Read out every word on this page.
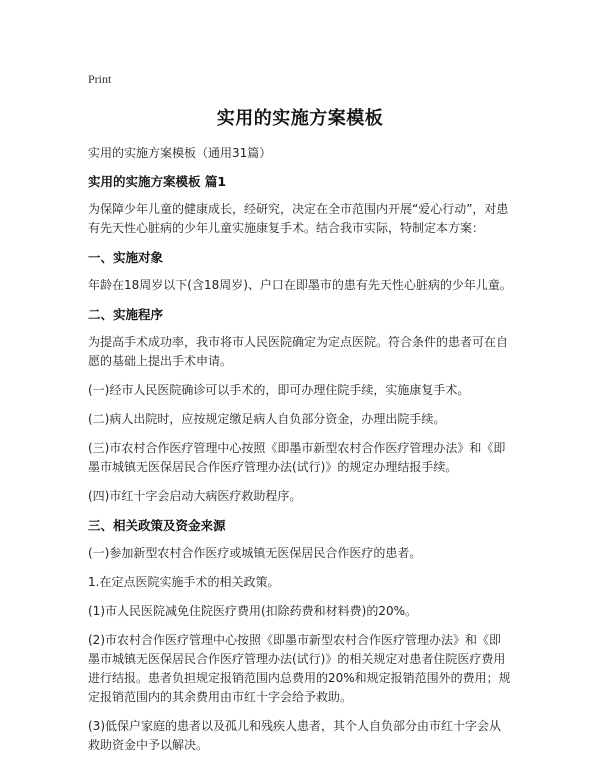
Print
实用的实施方案模板
实用的实施方案模板（通用31篇）
实用的实施方案模板 篇1
为保障少年儿童的健康成长，经研究，决定在全市范围内开展“爱心行动”，对患有先天性心脏病的少年儿童实施康复手术。结合我市实际，特制定本方案：
一、实施对象
年龄在18周岁以下(含18周岁)、户口在即墨市的患有先天性心脏病的少年儿童。
二、实施程序
为提高手术成功率，我市将市人民医院确定为定点医院。符合条件的患者可在自愿的基础上提出手术申请。
(一)经市人民医院确诊可以手术的，即可办理住院手续，实施康复手术。
(二)病人出院时，应按规定缴足病人自负部分资金，办理出院手续。
(三)市农村合作医疗管理中心按照《即墨市新型农村合作医疗管理办法》和《即墨市城镇无医保居民合作医疗管理办法(试行)》的规定办理结报手续。
(四)市红十字会启动大病医疗救助程序。
三、相关政策及资金来源
(一)参加新型农村合作医疗或城镇无医保居民合作医疗的患者。
1.在定点医院实施手术的相关政策。
(1)市人民医院减免住院医疗费用(扣除药费和材料费)的20%。
(2)市农村合作医疗管理中心按照《即墨市新型农村合作医疗管理办法》和《即墨市城镇无医保居民合作医疗管理办法(试行)》的相关规定对患者住院医疗费用进行结报。患者负担规定报销范围内总费用的20%和规定报销范围外的费用；规定报销范围内的其余费用由市红十字会给予救助。
(3)低保户家庭的患者以及孤儿和残疾人患者，其个人自负部分由市红十字会从救助资金中予以解决。
